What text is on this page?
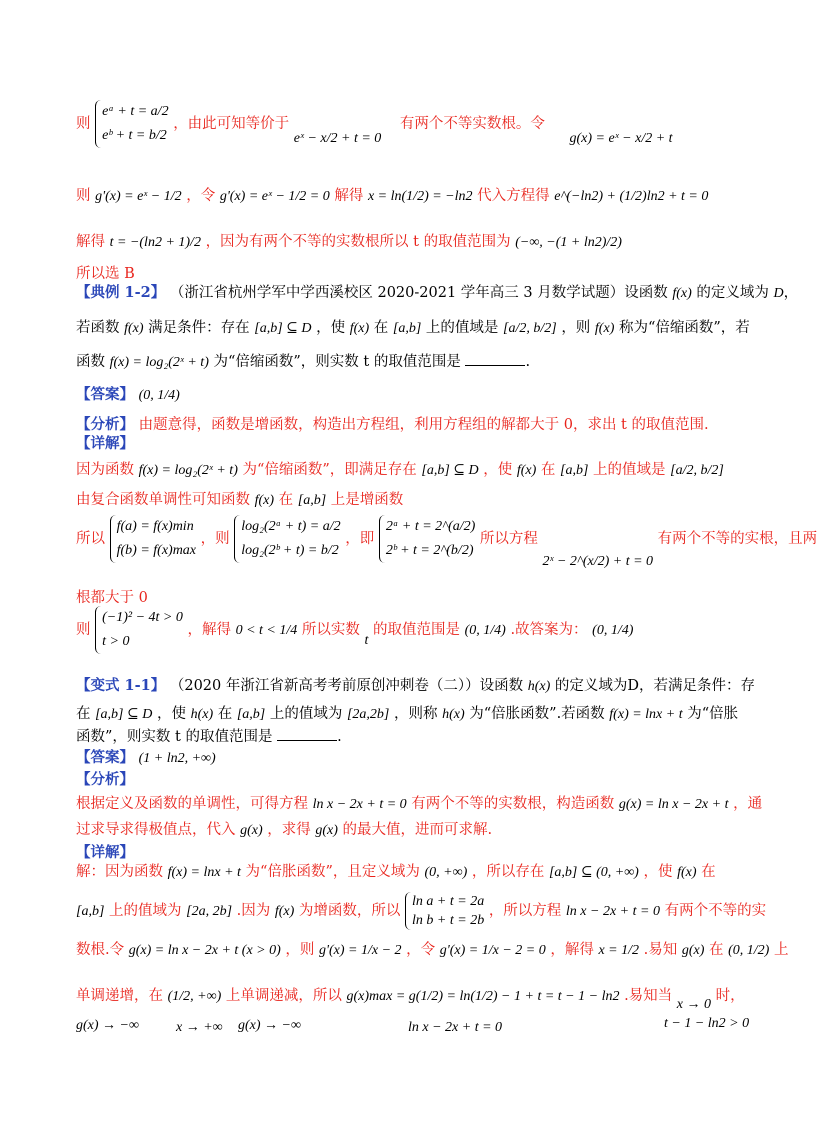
则
eᵃ + t = a/2
eᵇ + t = b/2
，由此可知等价于 eˣ − x/2 + t = 0 有两个不等实数根。令 g(x) = eˣ − x/2 + t
则 g'(x) = eˣ − 1/2 ，令 g'(x) = eˣ − 1/2 = 0 解得 x = ln(1/2) = −ln2 代入方程得 e^(−ln2) + (1/2)ln2 + t = 0
解得 t = −(ln2 + 1)/2 ，因为有两个不等的实数根所以 t 的取值范围为 (−∞, −(1 + ln2)/2)
所以选 B
【典例 1-2】 （浙江省杭州学军中学西溪校区 2020-2021 学年高三 3 月数学试题）设函数 f(x) 的定义域为 D，
若函数 f(x) 满足条件：存在 [a,b] ⊆ D ，使 f(x) 在 [a,b] 上的值域是 [a/2, b/2] ，则 f(x) 称为“倍缩函数”，若
函数 f(x) = log₂(2ˣ + t) 为“倍缩函数”，则实数 t 的取值范围是	.
【答案】 (0, 1/4)
【分析】 由题意得，函数是增函数，构造出方程组，利用方程组的解都大于 0，求出 t 的取值范围.
【详解】
因为函数 f(x) = log₂(2ˣ + t) 为“倍缩函数”，即满足存在 [a,b] ⊆ D ，使 f(x) 在 [a,b] 上的值域是 [a/2, b/2]
由复合函数单调性可知函数 f(x) 在 [a,b] 上是增函数
所以
f(a) = f(x)min
f(b) = f(x)max
，则
log₂(2ᵃ + t) = a/2
log₂(2ᵇ + t) = b/2
，即
2ᵃ + t = 2^(a/2)
2ᵇ + t = 2^(b/2)
所以方程 2ˣ − 2^(x/2) + t = 0 有两个不等的实根，且两
根都大于 0
则
(−1)² − 4t > 0
t > 0
，解得 0 < t < 1/4 所以实数 t 的取值范围是 (0, 1/4) .故答案为： (0, 1/4)
【变式 1-1】 （2020 年浙江省新高考考前原创冲刺卷（二））设函数 h(x) 的定义域为D，若满足条件：存
在 [a,b] ⊆ D ，使 h(x) 在 [a,b] 上的值域为 [2a,2b] ，则称 h(x) 为“倍胀函数”.若函数 f(x) = lnx + t 为“倍胀
函数”，则实数 t 的取值范围是	.
【答案】 (1 + ln2, +∞)
【分析】
根据定义及函数的单调性，可得方程 ln x − 2x + t = 0 有两个不等的实数根，构造函数 g(x) = ln x − 2x + t ，通
过求导求得极值点，代入 g(x) ，求得 g(x) 的最大值，进而可求解.
【详解】
解：因为函数 f(x) = lnx + t 为“倍胀函数”，且定义域为 (0, +∞) ，所以存在 [a,b] ⊆ (0, +∞) ，使 f(x) 在
[a,b] 上的值域为 [2a, 2b] .因为 f(x) 为增函数，所以
ln a + t = 2a
ln b + t = 2b
，所以方程 ln x − 2x + t = 0 有两个不等的实
数根.令 g(x) = ln x − 2x + t (x > 0) ，则 g'(x) = 1/x − 2 ，令 g'(x) = 1/x − 2 = 0 ，解得 x = 1/2 .易知 g(x) 在 (0, 1/2) 上
单调递增，在 (1/2, +∞) 上单调递减，所以 g(x)max = g(1/2) = ln(1/2) − 1 + t = t − 1 − ln2 .易知当 x → 0 时，
g(x) → −∞	x → +∞ g(x) → −∞	ln x − 2x + t = 0	t − 1 − ln2 > 0
